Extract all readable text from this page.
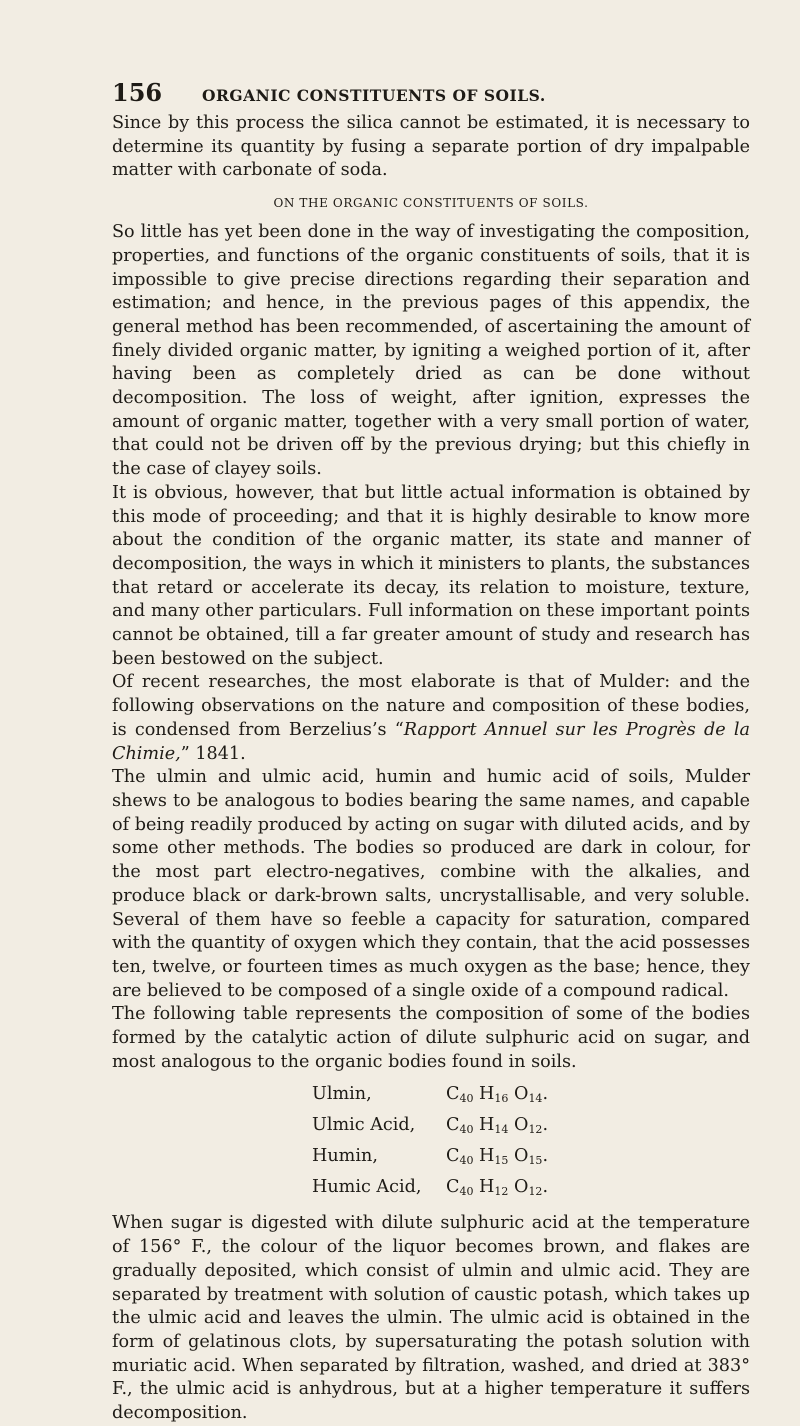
156	ORGANIC CONSTITUENTS OF SOILS.

Since by this process the silica cannot be estimated, it is necessary to determine its quantity by fusing a separate portion of dry impalpable matter with carbonate of soda.

ON THE ORGANIC CONSTITUENTS OF SOILS.

So little has yet been done in the way of investigating the composition, properties, and functions of the organic constituents of soils, that it is impossible to give precise directions regarding their separation and estimation; and hence, in the previous pages of this appendix, the general method has been recommended, of ascertaining the amount of finely divided organic matter, by igniting a weighed portion of it, after having been as completely dried as can be done without decomposition. The loss of weight, after ignition, expresses the amount of organic matter, together with a very small portion of water, that could not be driven off by the previous drying; but this chiefly in the case of clayey soils.

It is obvious, however, that but little actual information is obtained by this mode of proceeding; and that it is highly desirable to know more about the condition of the organic matter, its state and manner of decomposition, the ways in which it ministers to plants, the substances that retard or accelerate its decay, its relation to moisture, texture, and many other particulars. Full information on these important points cannot be obtained, till a far greater amount of study and research has been bestowed on the subject.

Of recent researches, the most elaborate is that of Mulder: and the following observations on the nature and composition of these bodies, is condensed from Berzelius’s “Rapport Annuel sur les Progrès de la Chimie,” 1841.

The ulmin and ulmic acid, humin and humic acid of soils, Mulder shews to be analogous to bodies bearing the same names, and capable of being readily produced by acting on sugar with diluted acids, and by some other methods. The bodies so produced are dark in colour, for the most part electro-negatives, combine with the alkalies, and produce black or dark-brown salts, uncrystallisable, and very soluble. Several of them have so feeble a capacity for saturation, compared with the quantity of oxygen which they contain, that the acid possesses ten, twelve, or fourteen times as much oxygen as the base; hence, they are believed to be composed of a single oxide of a compound radical.

The following table represents the composition of some of the bodies formed by the catalytic action of dilute sulphuric acid on sugar, and most analogous to the organic bodies found in soils.

Ulmin,	$C_{40}$ $H_{16}$ $O_{14}$.
Ulmic Acid,	$C_{40}$ $H_{14}$ $O_{12}$.
Humin,	$C_{40}$ $H_{15}$ $O_{15}$.
Humic Acid,	$C_{40}$ $H_{12}$ $O_{12}$.

When sugar is digested with dilute sulphuric acid at the temperature of 156° F., the colour of the liquor becomes brown, and flakes are gradually deposited, which consist of ulmin and ulmic acid. They are separated by treatment with solution of caustic potash, which takes up the ulmic acid and leaves the ulmin. The ulmic acid is obtained in the form of gelatinous clots, by supersaturating the potash solution with muriatic acid. When separated by filtration, washed, and dried at 383° F., the ulmic acid is anhydrous, but at a higher temperature it suffers decomposition.
